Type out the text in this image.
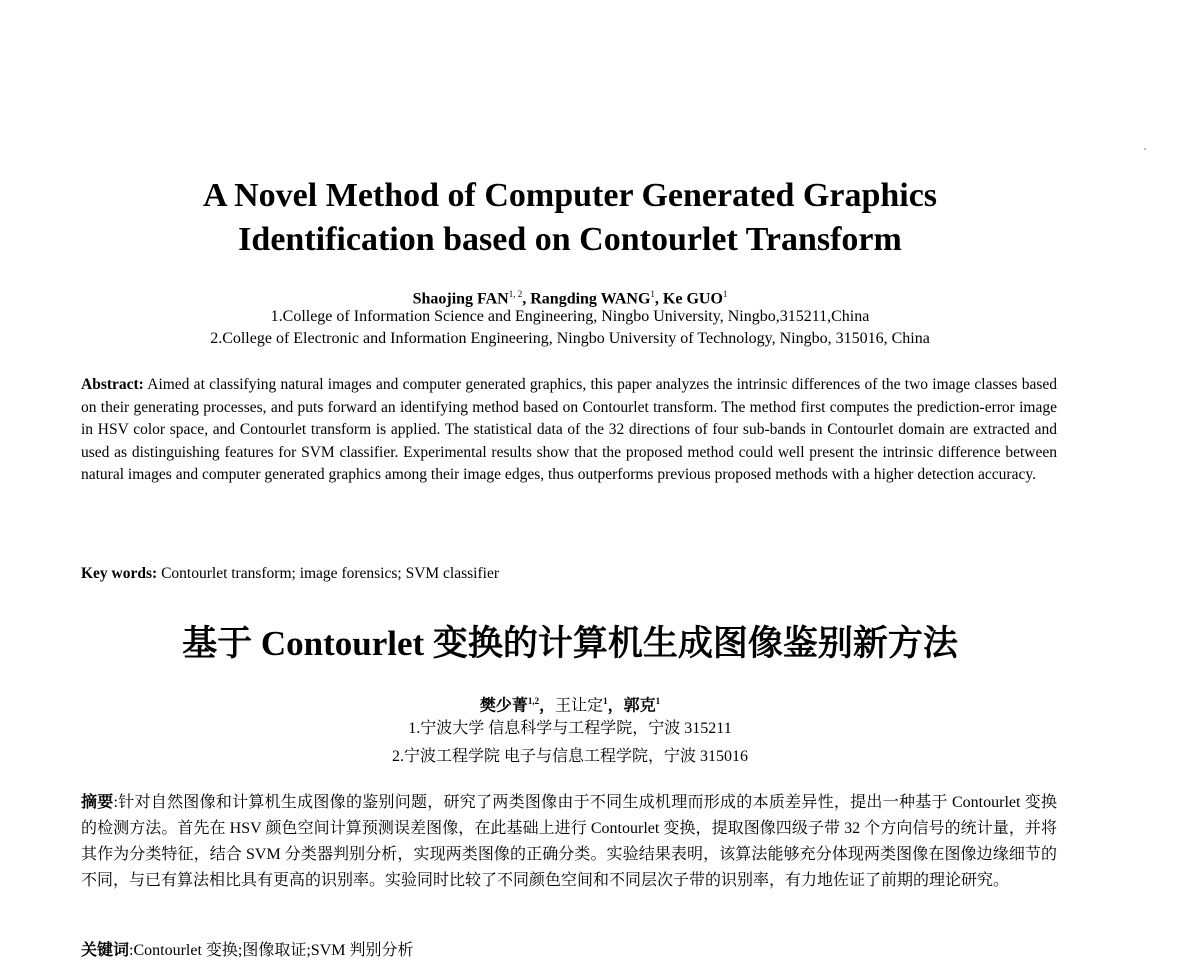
A Novel Method of Computer Generated Graphics
Identification based on Contourlet Transform
Shaojing FAN$^{1, 2}$, Rangding WANG$^1$, Ke GUO$^1$
1.College of Information Science and Engineering, Ningbo University, Ningbo,315211,China
2.College of Electronic and Information Engineering, Ningbo University of Technology, Ningbo, 315016, China
Abstract: Aimed at classifying natural images and computer generated graphics, this paper analyzes the intrinsic differences of the two image classes based on their generating processes, and puts forward an identifying method based on Contourlet transform. The method first computes the prediction-error image in HSV color space, and Contourlet transform is applied. The statistical data of the 32 directions of four sub-bands in Contourlet domain are extracted and used as distinguishing features for SVM classifier. Experimental results show that the proposed method could well present the intrinsic difference between natural images and computer generated graphics among their image edges, thus outperforms previous proposed methods with a higher detection accuracy.
Key words: Contourlet transform; image forensics; SVM classifier
基于 Contourlet 变换的计算机生成图像鉴别新方法
樊少菁$^{1,2}$，王让定$^1$，郭克$^1$
1.宁波大学 信息科学与工程学院，宁波 315211
2.宁波工程学院 电子与信息工程学院，宁波 315016
摘要:针对自然图像和计算机生成图像的鉴别问题，研究了两类图像由于不同生成机理而形成的本质差异性，提出一种基于 Contourlet 变换的检测方法。首先在 HSV 颜色空间计算预测误差图像，在此基础上进行 Contourlet 变换，提取图像四级子带 32 个方向信号的统计量，并将其作为分类特征，结合 SVM 分类器判别分析，实现两类图像的正确分类。实验结果表明，该算法能够充分体现两类图像在图像边缘细节的不同，与已有算法相比具有更高的识别率。实验同时比较了不同颜色空间和不同层次子带的识别率，有力地佐证了前期的理论研究。
关键词:Contourlet 变换;图像取证;SVM 判别分析
